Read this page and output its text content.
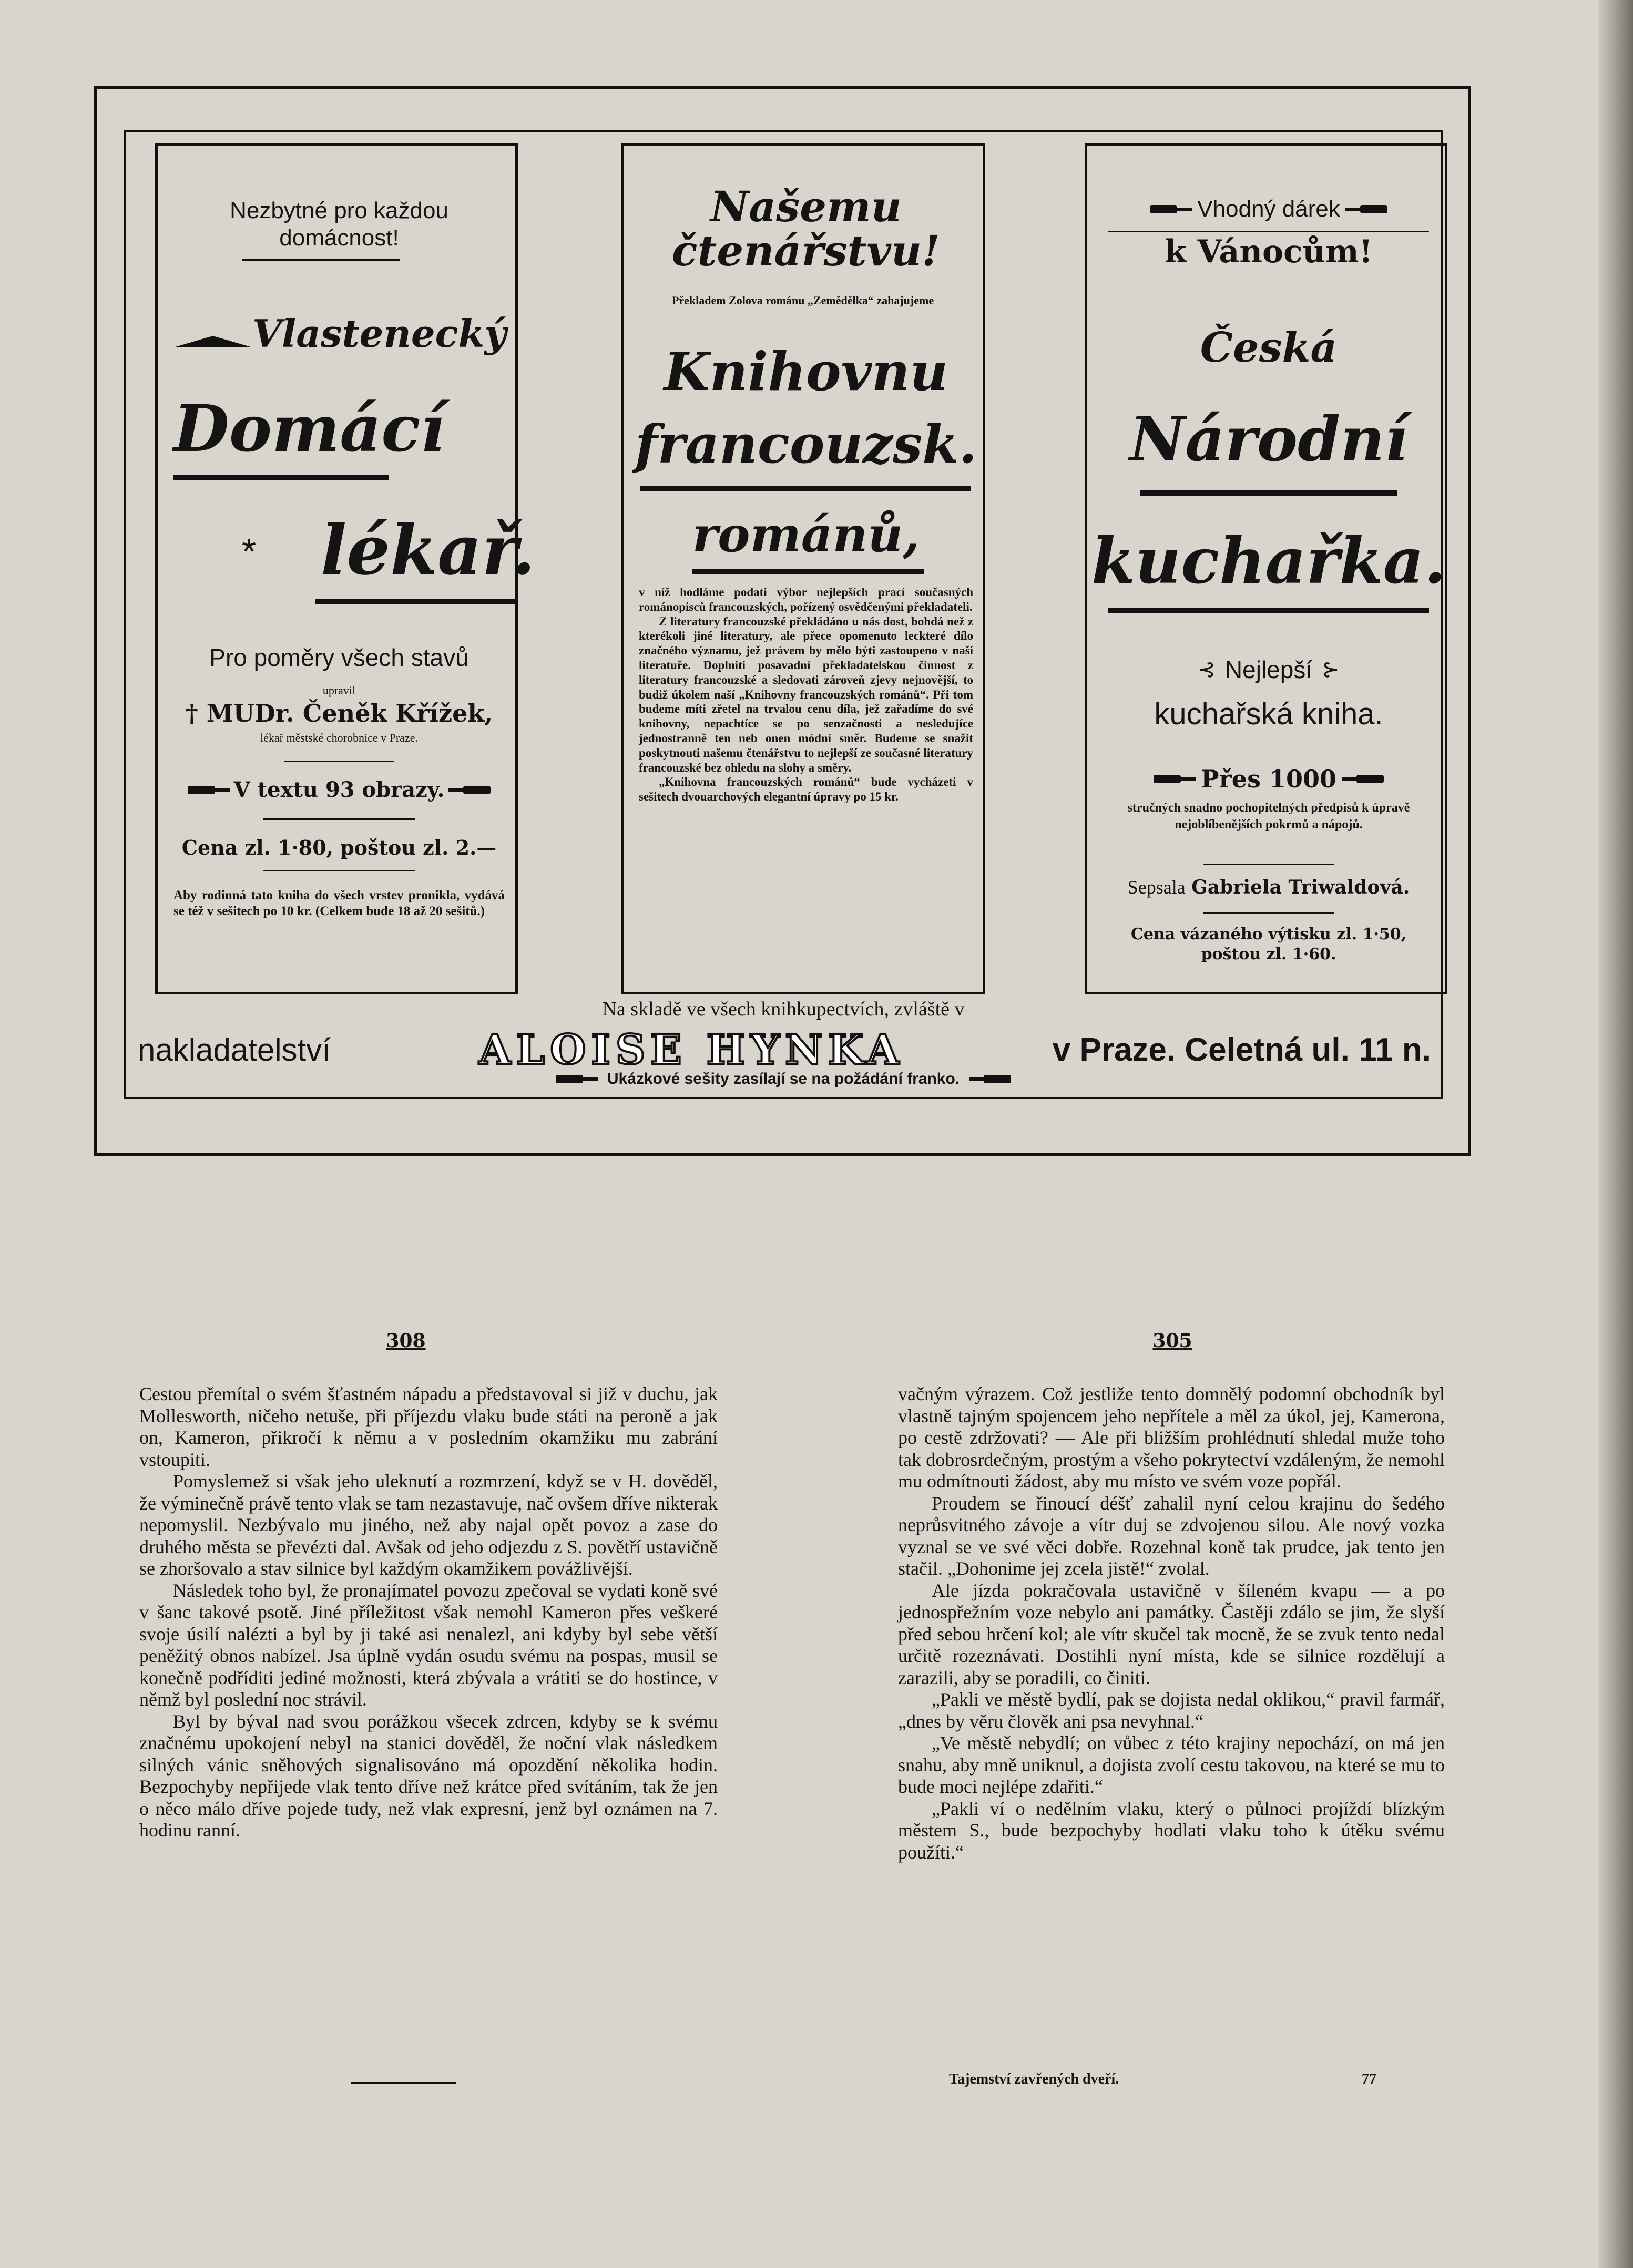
Nezbytné pro každou domácnost!
Vlastenecký
Domácí
* lékař.
Pro poměry všech stavů
upravil
† MUDr. Čeněk Křížek,
lékař městské chorobnice v Praze.
V textu 93 obrazy.
Cena zl. 1·80, poštou zl. 2.—
Aby rodinná tato kniha do všech vrstev pronikla, vydává se též v sešitech po 10 kr. (Celkem bude 18 až 20 sešitů.)
Našemu
čtenářstvu!
Překladem Zolova románu „Zemědělka“ zahajujeme
Knihovnu
francouzsk.
románů,

v níž hodláme podati výbor nejlepších prací současných románopisců francouzských, pořízený osvědčenými překladateli.

Z literatury francouzské překládáno u nás dost, bohdá než z kterékoli jiné literatury, ale přece opomenuto leckteré dílo značného významu, jež právem by mělo býti zastoupeno v naší literatuře. Doplniti posavadní překladatelskou činnost z literatury francouzské a sledovati zároveň zjevy nejnovější, to budiž úkolem naší „Knihovny francouzských románů“. Při tom budeme míti zřetel na trvalou cenu díla, jež zařadíme do své knihovny, nepachtíce se po senzačnosti a nesledujíce jednostranně ten neb onen módní směr. Budeme se snažit poskytnouti našemu čtenářstvu to nejlepší ze současné literatury francouzské bez ohledu na slohy a směry.

„Knihovna francouzských románů“ bude vycházeti v sešitech dvouarchových elegantní úpravy po 15 kr.

Vhodný dárek
k Vánocům!
Česká
Národní
kuchařka.
⊰ Nejlepší ⊱
kuchařská kniha.
Přes 1000
stručných snadno pochopitelných předpisů k úpravě nejoblíbenějších pokrmů a nápojů.
Sepsala Gabriela Triwaldová.
Cena vázaného výtisku zl. 1·50, poštou zl. 1·60.
Na skladě ve všech knihkupectvích, zvláště v
nakladatelství	ALOISE HYNKA	v Praze. Celetná ul. 11 n.
Ukázkové sešity zasílají se na požádání franko.
308

Cestou přemítal o svém šťastném nápadu a představoval si již v duchu, jak Mollesworth, ničeho netuše, při příjezdu vlaku bude státi na peroně a jak on, Kameron, přikročí k němu a v posledním okamžiku mu zabrání vstoupiti.

Pomyslemež si však jeho uleknutí a rozmrzení, když se v H. dověděl, že výminečně právě tento vlak se tam nezastavuje, nač ovšem dříve nikterak nepomyslil. Nezbývalo mu jiného, než aby najal opět povoz a zase do druhého města se převézti dal. Avšak od jeho odjezdu z S. povětří ustavičně se zhoršovalo a stav silnice byl každým okamžikem povážlivější.

Následek toho byl, že pronajímatel povozu zpečoval se vydati koně své v šanc takové psotě. Jiné příležitost však nemohl Kameron přes veškeré svoje úsilí nalézti a byl by ji také asi nenalezl, ani kdyby byl sebe větší peněžitý obnos nabízel. Jsa úplně vydán osudu svému na pospas, musil se konečně podříditi jediné možnosti, která zbývala a vrátiti se do hostince, v němž byl poslední noc strávil.

Byl by býval nad svou porážkou všecek zdrcen, kdyby se k svému značnému upokojení nebyl na stanici dověděl, že noční vlak následkem silných vánic sněhových signalisováno má opozdění několika hodin. Bezpochyby nepřijede vlak tento dříve než krátce před svítáním, tak že jen o něco málo dříve pojede tudy, než vlak expresní, jenž byl oznámen na 7. hodinu ranní.

305

vačným výrazem. Což jestliže tento domnělý podomní obchodník byl vlastně tajným spojencem jeho nepřítele a měl za úkol, jej, Kamerona, po cestě zdržovati? — Ale při bližším prohlédnutí shledal muže toho tak dobrosrdečným, prostým a všeho pokrytectví vzdáleným, že nemohl mu odmítnouti žádost, aby mu místo ve svém voze popřál.

Proudem se řinoucí déšť zahalil nyní celou krajinu do šedého neprůsvitného závoje a vítr duj se zdvojenou silou. Ale nový vozka vyznal se ve své věci dobře. Rozehnal koně tak prudce, jak tento jen stačil. „Dohonime jej zcela jistě!“ zvolal.

Ale jízda pokračovala ustavičně v šíleném kvapu — a po jednospřežním voze nebylo ani památky. Častěji zdálo se jim, že slyší před sebou hrčení kol; ale vítr skučel tak mocně, že se zvuk tento nedal určitě rozeznávati. Dostihli nyní místa, kde se silnice rozdělují a zarazili, aby se poradili, co činiti.

„Pakli ve městě bydlí, pak se dojista nedal oklikou,“ pravil farmář, „dnes by věru člověk ani psa nevyhnal.“

„Ve městě nebydlí; on vůbec z této krajiny nepochází, on má jen snahu, aby mně uniknul, a dojista zvolí cestu takovou, na které se mu to bude moci nejlépe zdařiti.“

„Pakli ví o nedělním vlaku, který o půlnoci projíždí blízkým městem S., bude bezpochyby hodlati vlaku toho k útěku svému použíti.“

Tajemství zavřených dveří.	77
